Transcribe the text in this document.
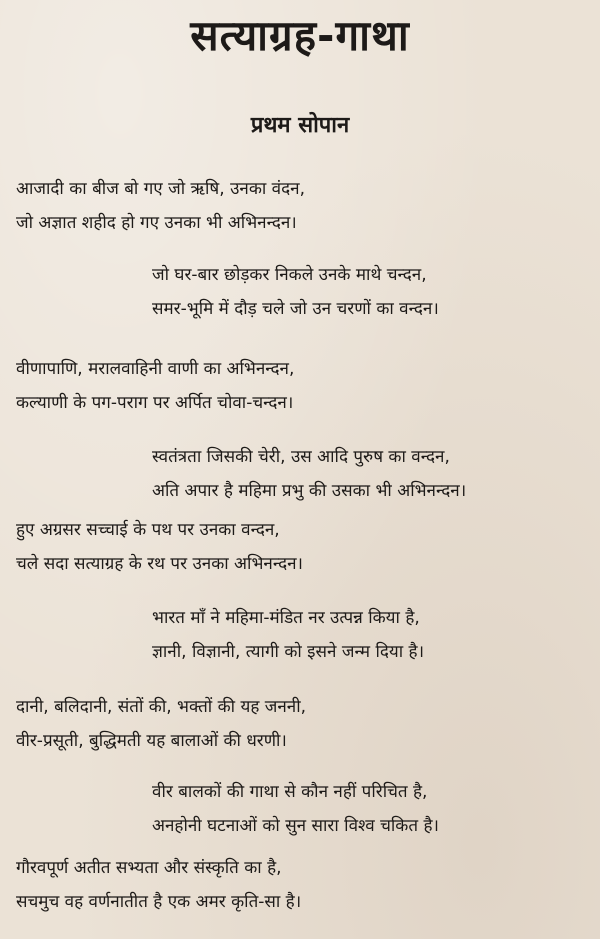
सत्याग्रह-गाथा
प्रथम सोपान
आजादी का बीज बो गए जो ऋषि, उनका वंदन,
जो अज्ञात शहीद हो गए उनका भी अभिनन्दन।
जो घर-बार छोड़कर निकले उनके माथे चन्दन,
समर-भूमि में दौड़ चले जो उन चरणों का वन्दन।
वीणापाणि, मरालवाहिनी वाणी का अभिनन्दन,
कल्याणी के पग-पराग पर अर्पित चोवा-चन्दन।
स्वतंत्रता जिसकी चेरी, उस आदि पुरुष का वन्दन,
अति अपार है महिमा प्रभु की उसका भी अभिनन्दन।
हुए अग्रसर सच्चाई के पथ पर उनका वन्दन,
चले सदा सत्याग्रह के रथ पर उनका अभिनन्दन।
भारत माँ ने महिमा-मंडित नर उत्पन्न किया है,
ज्ञानी, विज्ञानी, त्यागी को इसने जन्म दिया है।
दानी, बलिदानी, संतों की, भक्तों की यह जननी,
वीर-प्रसूती, बुद्धिमती यह बालाओं की धरणी।
वीर बालकों की गाथा से कौन नहीं परिचित है,
अनहोनी घटनाओं को सुन सारा विश्व चकित है।
गौरवपूर्ण अतीत सभ्यता और संस्कृति का है,
सचमुच वह वर्णनातीत है एक अमर कृति-सा है।
